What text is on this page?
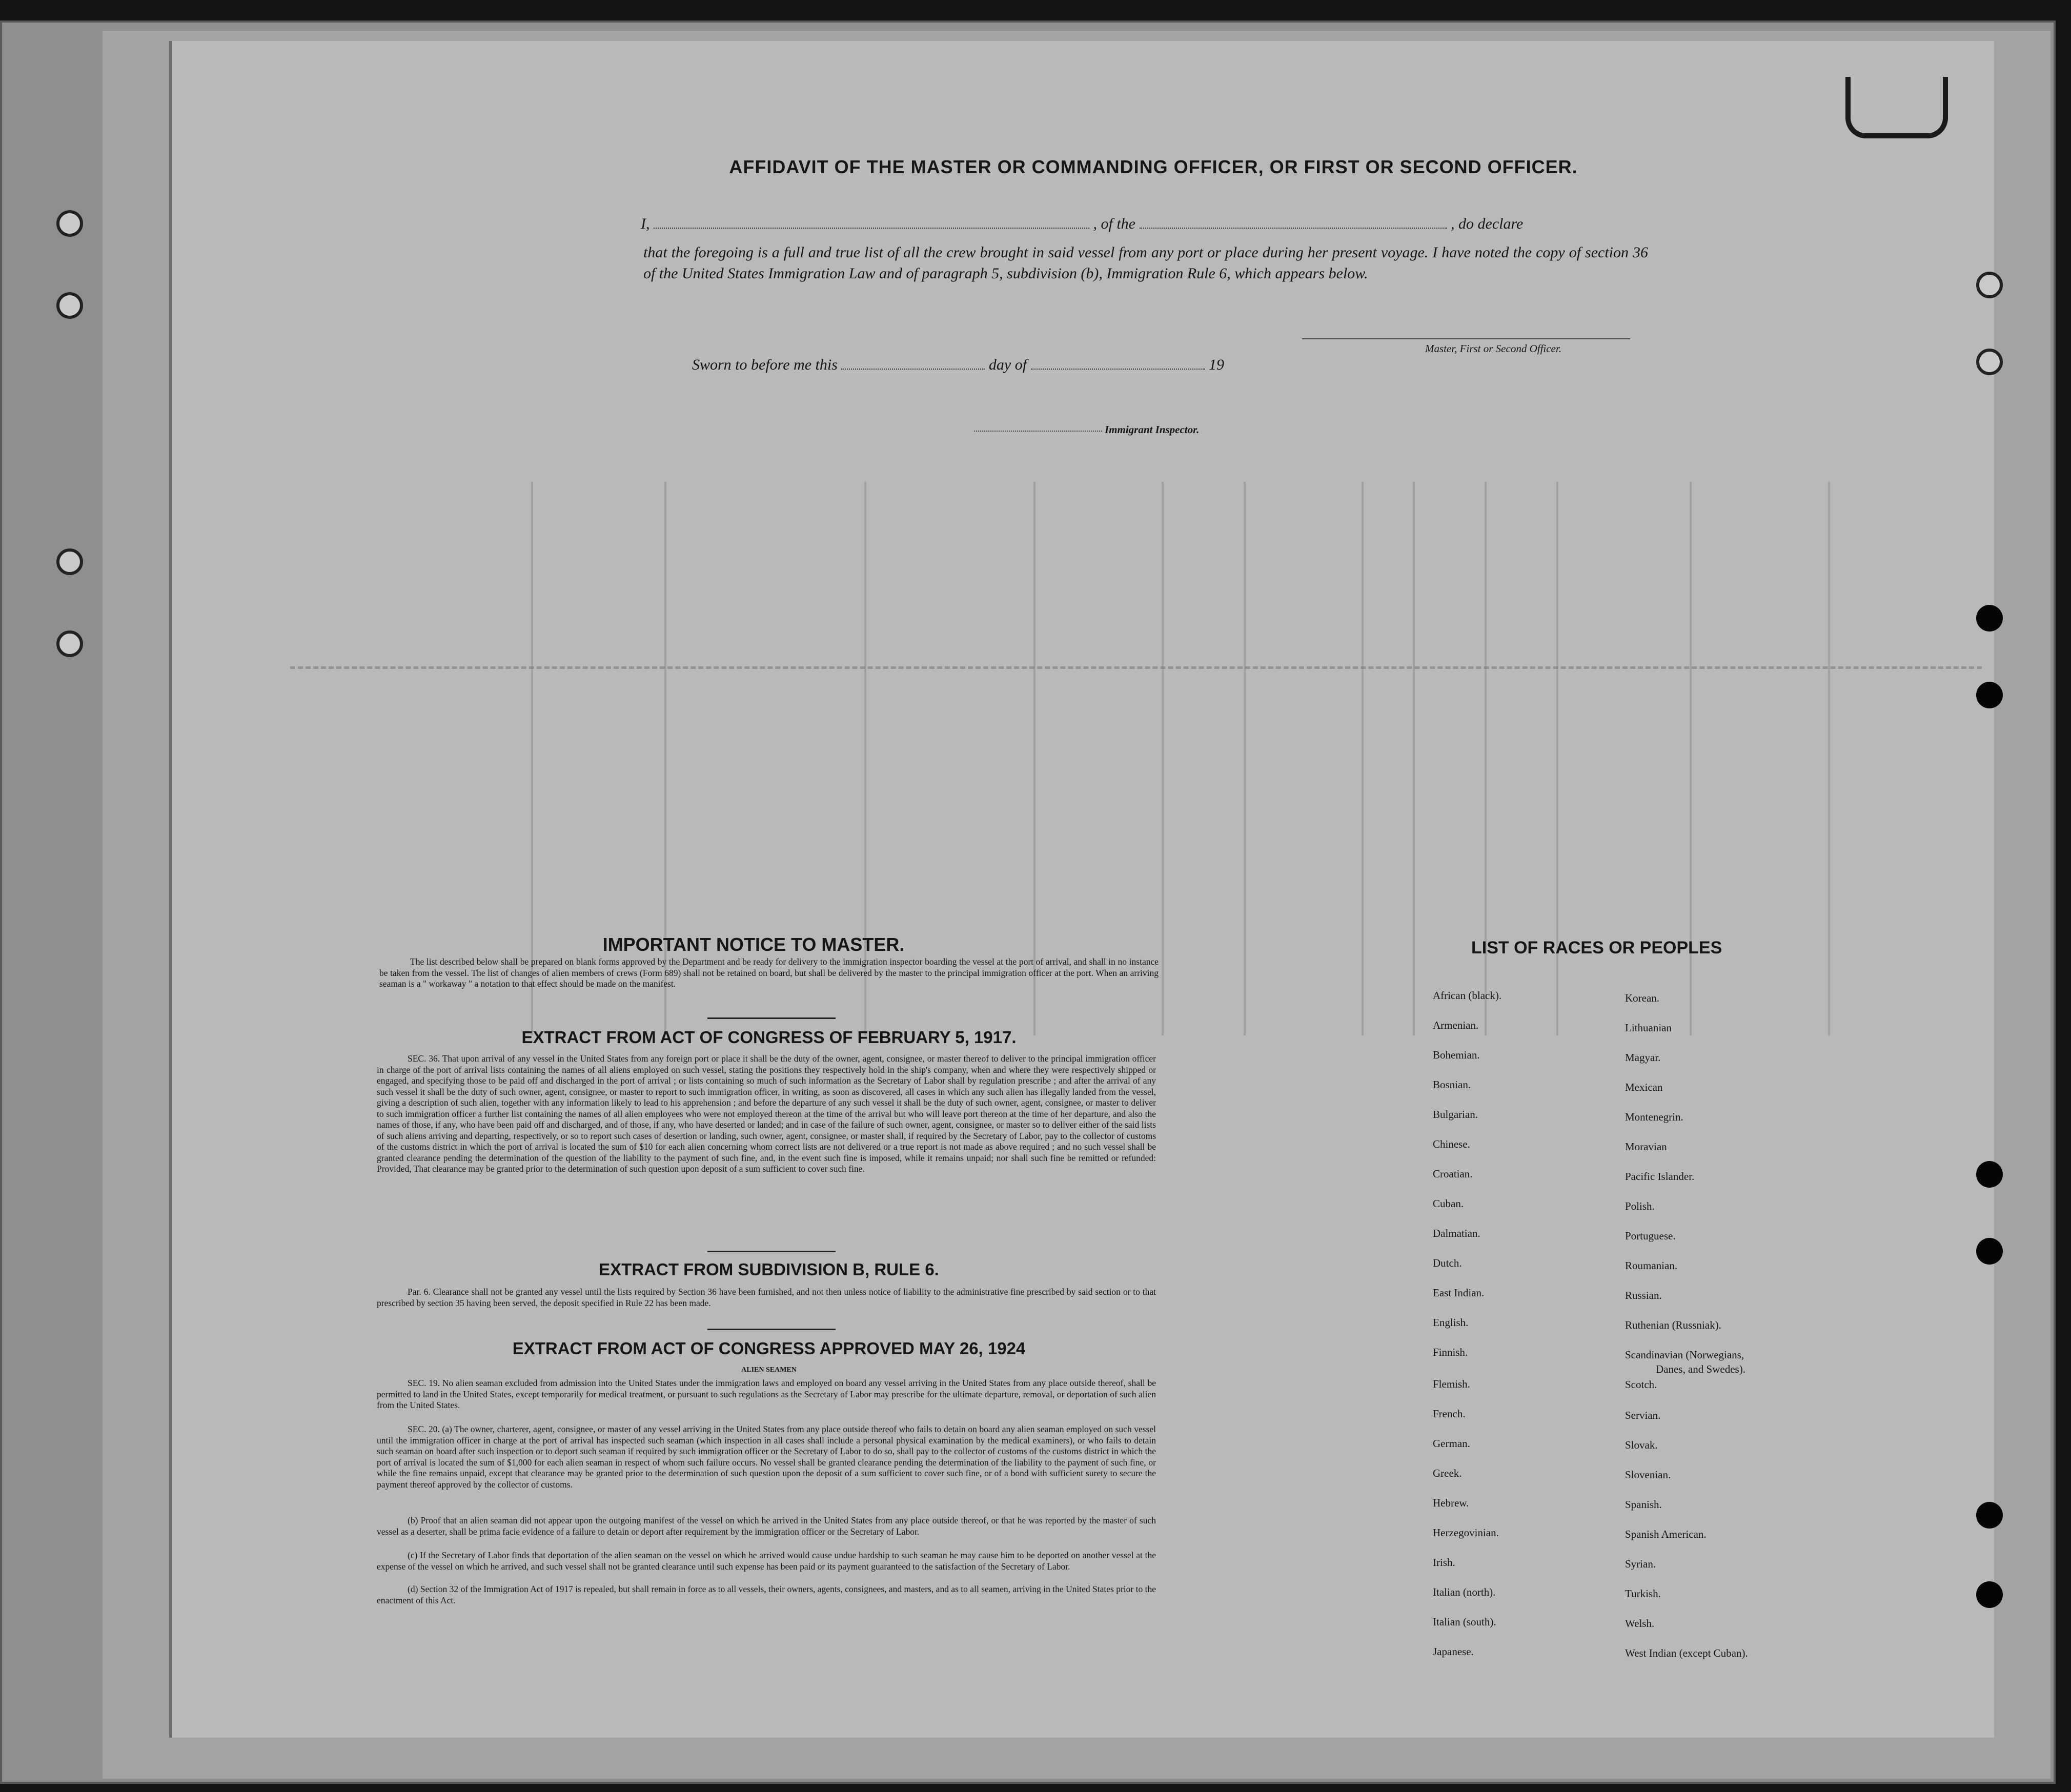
AFFIDAVIT OF THE MASTER OR COMMANDING OFFICER, OR FIRST OR SECOND OFFICER.
I,	, of the	, do declare
that the foregoing is a full and true list of all the crew brought in said vessel from any port or place during her present voyage. I have noted the copy of section 36 of the United States Immigration Law and of paragraph 5, subdivision (b), Immigration Rule 6, which appears below.
Master, First or Second Officer.
Sworn to before me this	day of	19
Immigrant Inspector.
IMPORTANT NOTICE TO MASTER.
The list described below shall be prepared on blank forms approved by the Department and be ready for delivery to the immigration inspector boarding the vessel at the port of arrival, and shall in no instance be taken from the vessel. The list of changes of alien members of crews (Form 689) shall not be retained on board, but shall be delivered by the master to the principal immigration officer at the port. When an arriving seaman is a " workaway " a notation to that effect should be made on the manifest.
EXTRACT FROM ACT OF CONGRESS OF FEBRUARY 5, 1917.
SEC. 36. That upon arrival of any vessel in the United States from any foreign port or place it shall be the duty of the owner, agent, consignee, or master thereof to deliver to the principal immigration officer in charge of the port of arrival lists containing the names of all aliens employed on such vessel, stating the positions they respectively hold in the ship's company, when and where they were respectively shipped or engaged, and specifying those to be paid off and discharged in the port of arrival ; or lists containing so much of such information as the Secretary of Labor shall by regulation prescribe ; and after the arrival of any such vessel it shall be the duty of such owner, agent, consignee, or master to report to such immigration officer, in writing, as soon as discovered, all cases in which any such alien has illegally landed from the vessel, giving a description of such alien, together with any information likely to lead to his apprehension ; and before the departure of any such vessel it shall be the duty of such owner, agent, consignee, or master to deliver to such immigration officer a further list containing the names of all alien employees who were not employed thereon at the time of the arrival but who will leave port thereon at the time of her departure, and also the names of those, if any, who have been paid off and discharged, and of those, if any, who have deserted or landed; and in case of the failure of such owner, agent, consignee, or master so to deliver either of the said lists of such aliens arriving and departing, respectively, or so to report such cases of desertion or landing, such owner, agent, consignee, or master shall, if required by the Secretary of Labor, pay to the collector of customs of the customs district in which the port of arrival is located the sum of $10 for each alien concerning whom correct lists are not delivered or a true report is not made as above required ; and no such vessel shall be granted clearance pending the determination of the question of the liability to the payment of such fine, and, in the event such fine is imposed, while it remains unpaid; nor shall such fine be remitted or refunded: Provided, That clearance may be granted prior to the determination of such question upon deposit of a sum sufficient to cover such fine.
EXTRACT FROM SUBDIVISION B, RULE 6.
Par. 6. Clearance shall not be granted any vessel until the lists required by Section 36 have been furnished, and not then unless notice of liability to the administrative fine prescribed by said section or to that prescribed by section 35 having been served, the deposit specified in Rule 22 has been made.
EXTRACT FROM ACT OF CONGRESS APPROVED MAY 26, 1924
ALIEN SEAMEN
SEC. 19. No alien seaman excluded from admission into the United States under the immigration laws and employed on board any vessel arriving in the United States from any place outside thereof, shall be permitted to land in the United States, except temporarily for medical treatment, or pursuant to such regulations as the Secretary of Labor may prescribe for the ultimate departure, removal, or deportation of such alien from the United States.
SEC. 20. (a) The owner, charterer, agent, consignee, or master of any vessel arriving in the United States from any place outside thereof who fails to detain on board any alien seaman employed on such vessel until the immigration officer in charge at the port of arrival has inspected such seaman (which inspection in all cases shall include a personal physical examination by the medical examiners), or who fails to detain such seaman on board after such inspection or to deport such seaman if required by such immigration officer or the Secretary of Labor to do so, shall pay to the collector of customs of the customs district in which the port of arrival is located the sum of $1,000 for each alien seaman in respect of whom such failure occurs. No vessel shall be granted clearance pending the determination of the liability to the payment of such fine, or while the fine remains unpaid, except that clearance may be granted prior to the determination of such question upon the deposit of a sum sufficient to cover such fine, or of a bond with sufficient surety to secure the payment thereof approved by the collector of customs.
(b) Proof that an alien seaman did not appear upon the outgoing manifest of the vessel on which he arrived in the United States from any place outside thereof, or that he was reported by the master of such vessel as a deserter, shall be prima facie evidence of a failure to detain or deport after requirement by the immigration officer or the Secretary of Labor.
(c) If the Secretary of Labor finds that deportation of the alien seaman on the vessel on which he arrived would cause undue hardship to such seaman he may cause him to be deported on another vessel at the expense of the vessel on which he arrived, and such vessel shall not be granted clearance until such expense has been paid or its payment guaranteed to the satisfaction of the Secretary of Labor.
(d) Section 32 of the Immigration Act of 1917 is repealed, but shall remain in force as to all vessels, their owners, agents, consignees, and masters, and as to all seamen, arriving in the United States prior to the enactment of this Act.
LIST OF RACES OR PEOPLES
African (black).
Armenian.
Bohemian.
Bosnian.
Bulgarian.
Chinese.
Croatian.
Cuban.
Dalmatian.
Dutch.
East Indian.
English.
Finnish.
Flemish.
French.
German.
Greek.
Hebrew.
Herzegovinian.
Irish.
Italian (north).
Italian (south).
Japanese.
Korean.
Lithuanian
Magyar.
Mexican
Montenegrin.
Moravian
Pacific Islander.
Polish.
Portuguese.
Roumanian.
Russian.
Ruthenian (Russniak).
Scandinavian (Norwegians,
Danes, and Swedes).
Scotch.
Servian.
Slovak.
Slovenian.
Spanish.
Spanish American.
Syrian.
Turkish.
Welsh.
West Indian (except Cuban).
